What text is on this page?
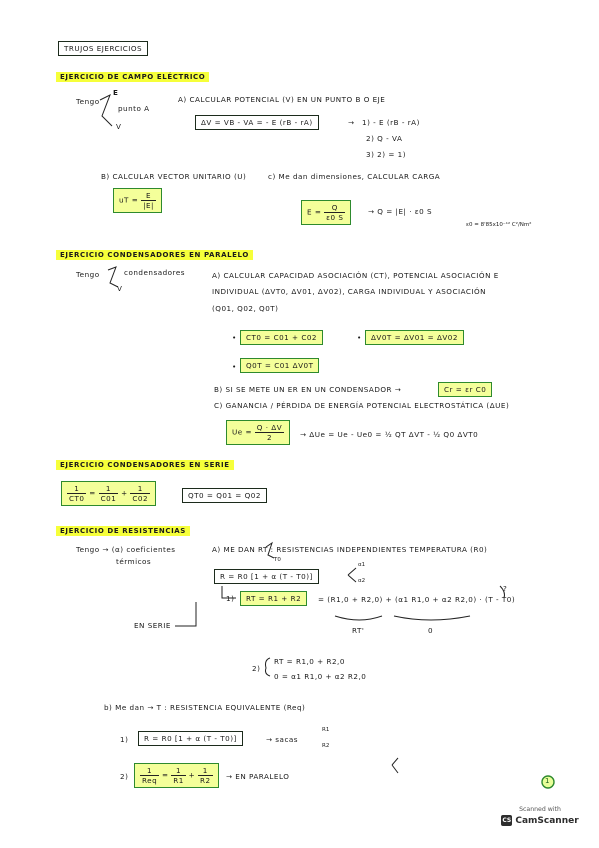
TRUJOS EJERCICIOS
EJERCICIO DE CAMPO ELÉCTRICO
Tengo
E
punto A
V
A) CALCULAR POTENCIAL (V) EN UN PUNTO B O EJE
ΔV = VB - VA = - E (rB - rA)	→ 1) - E (rB - rA)
2) Q - VA
3) 2) = 1)
B) CALCULAR VECTOR UNITARIO (U)
uT = $\frac{E}{|E|}$
c) Me dan dimensiones, CALCULAR CARGA
$E = \frac{Q}{\varepsilon 0 S}$	→ Q = |E| · ε0 S
ε0 = 8'85x10⁻¹² C²/Nm²
EJERCICIO CONDENSADORES EN PARALELO
Tengo	condensadores
V
A) CALCULAR CAPACIDAD ASOCIACIÓN (CT), POTENCIAL ASOCIACIÓN E
INDIVIDUAL (ΔVT0, ΔV01, ΔV02), CARGA INDIVIDUAL Y ASOCIACIÓN
(Q01, Q02, Q0T)
•	CT0 = C01 + C02	•	ΔV0T = ΔV01 = ΔV02
•	Q0T = C01 ΔV0T
B) SI SE METE UN ΕR EN UN CONDENSADOR →	Cr = εr C0
C) GANANCIA / PÉRDIDA DE ENERGÍA POTENCIAL ELECTROSTÁTICA (ΔUE)
$Ue = \frac{Q \cdot \Delta V}{2} \to \Delta Ue = Ue - Ue0$ = ½ QT ΔVT - ½ Q0 ΔVT0
EJERCICIO CONDENSADORES EN SERIE
$\frac{1}{CT0} = \frac{1}{C01} + \frac{1}{C02}$	QT0 = Q01 = Q02
EJERCICIO DE RESISTENCIAS
Tengo → (α) coeficientes
térmicos
A) ME DAN RT : RESISTENCIAS INDEPENDIENTES TEMPERATURA (R0)
T0
R = R0 [1 + α (T - T0)]
α1
α2
1)	RT = R1 + R2	= (R1,0 + R2,0) + (α1 R1,0 + α2 R2,0) · (T - T0)
?
RT'	0
EN SERIE
2)
RT = R1,0 + R2,0
0 = α1 R1,0 + α2 R2,0
b) Me dan → T : RESISTENCIA EQUIVALENTE (Req)
1)	R = R0 [1 + α (T - T0)]	→ sacas
R1
R2
$2) \frac{1}{\text{Req}} = \frac{1}{R1} + \frac{1}{R2}$ → EN PARALELO	1
Scanned with
CS CamScanner
